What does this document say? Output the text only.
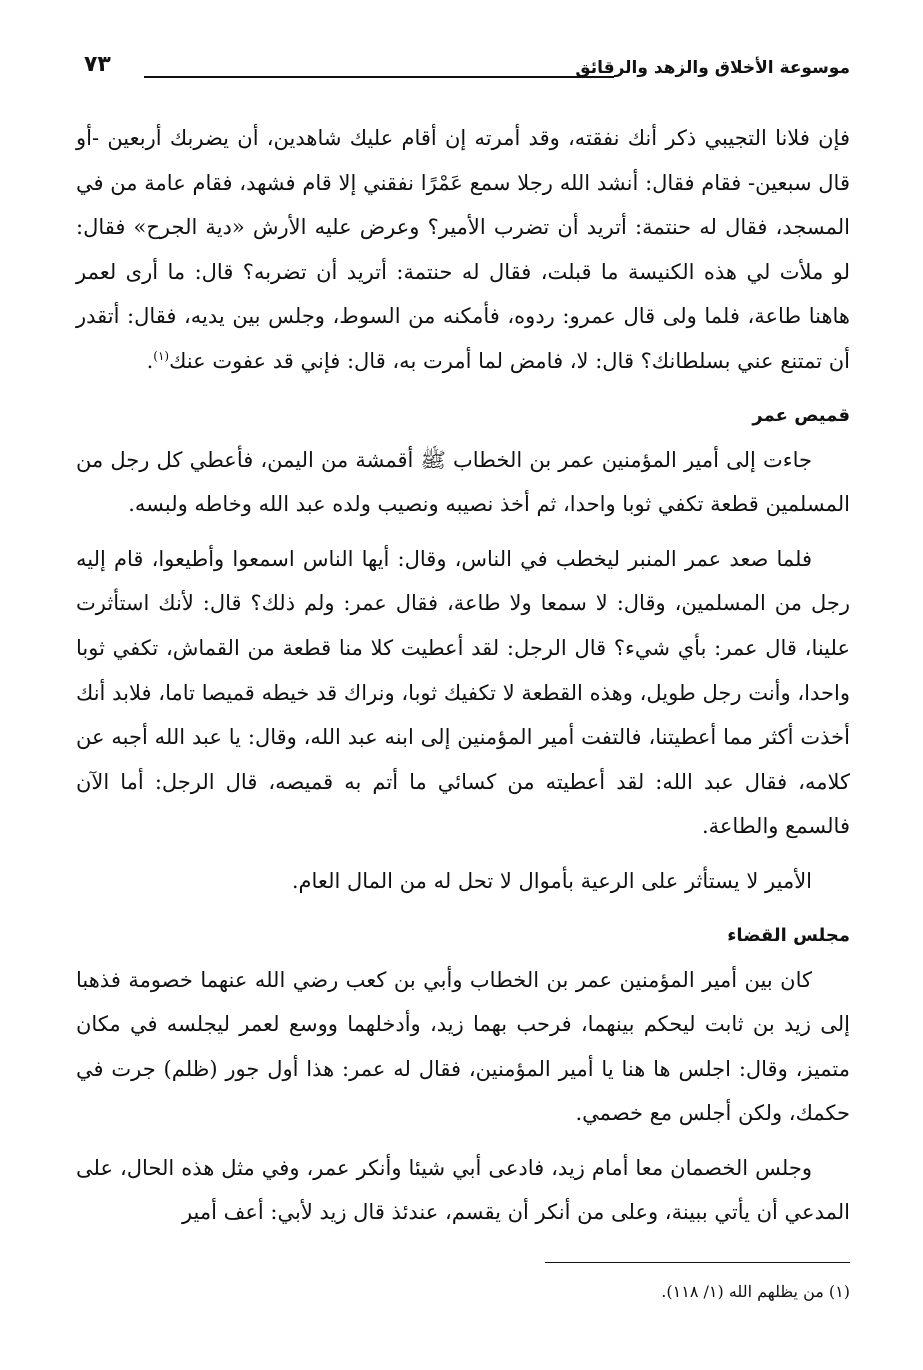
موسوعة الأخلاق والزهد والرقائق
٧٣

فإن فلانا التجيبي ذكر أنك نفقته، وقد أمرته إن أقام عليك شاهدين، أن يضربك أربعين -أو قال سبعين- فقام فقال: أنشد الله رجلا سمع عَمْرًا نفقني إلا قام فشهد، فقام عامة من في المسجد، فقال له حنتمة: أتريد أن تضرب الأمير؟ وعرض عليه الأرش «دية الجرح» فقال: لو ملأت لي هذه الكنيسة ما قبلت، فقال له حنتمة: أتريد أن تضربه؟ قال: ما أرى لعمر هاهنا طاعة، فلما ولى قال عمرو: ردوه، فأمكنه من السوط، وجلس بين يديه، فقال: أتقدر أن تمتنع عني بسلطانك؟ قال: لا، فامض لما أمرت به، قال: فإني قد عفوت عنك$^{(١)}$.

قميص عمر

جاءت إلى أمير المؤمنين عمر بن الخطاب ﷺ أقمشة من اليمن، فأعطي كل رجل من المسلمين قطعة تكفي ثوبا واحدا، ثم أخذ نصيبه ونصيب ولده عبد الله وخاطه ولبسه.

فلما صعد عمر المنبر ليخطب في الناس، وقال: أيها الناس اسمعوا وأطيعوا، قام إليه رجل من المسلمين، وقال: لا سمعا ولا طاعة، فقال عمر: ولم ذلك؟ قال: لأنك استأثرت علينا، قال عمر: بأي شيء؟ قال الرجل: لقد أعطيت كلا منا قطعة من القماش، تكفي ثوبا واحدا، وأنت رجل طويل، وهذه القطعة لا تكفيك ثوبا، ونراك قد خيطه قميصا تاما، فلابد أنك أخذت أكثر مما أعطيتنا، فالتفت أمير المؤمنين إلى ابنه عبد الله، وقال: يا عبد الله أجبه عن كلامه، فقال عبد الله: لقد أعطيته من كسائي ما أتم به قميصه، قال الرجل: أما الآن فالسمع والطاعة.

الأمير لا يستأثر على الرعية بأموال لا تحل له من المال العام.

مجلس القضاء

كان بين أمير المؤمنين عمر بن الخطاب وأبي بن كعب رضي الله عنهما خصومة فذهبا إلى زيد بن ثابت ليحكم بينهما، فرحب بهما زيد، وأدخلهما ووسع لعمر ليجلسه في مكان متميز، وقال: اجلس ها هنا يا أمير المؤمنين، فقال له عمر: هذا أول جور (ظلم) جرت في حكمك، ولكن أجلس مع خصمي.

وجلس الخصمان معا أمام زيد، فادعى أبي شيئا وأنكر عمر، وفي مثل هذه الحال، على المدعي أن يأتي ببينة، وعلى من أنكر أن يقسم، عندئذ قال زيد لأبي: أعف أمير

(١) من يظلهم الله (١/ ١١٨).
